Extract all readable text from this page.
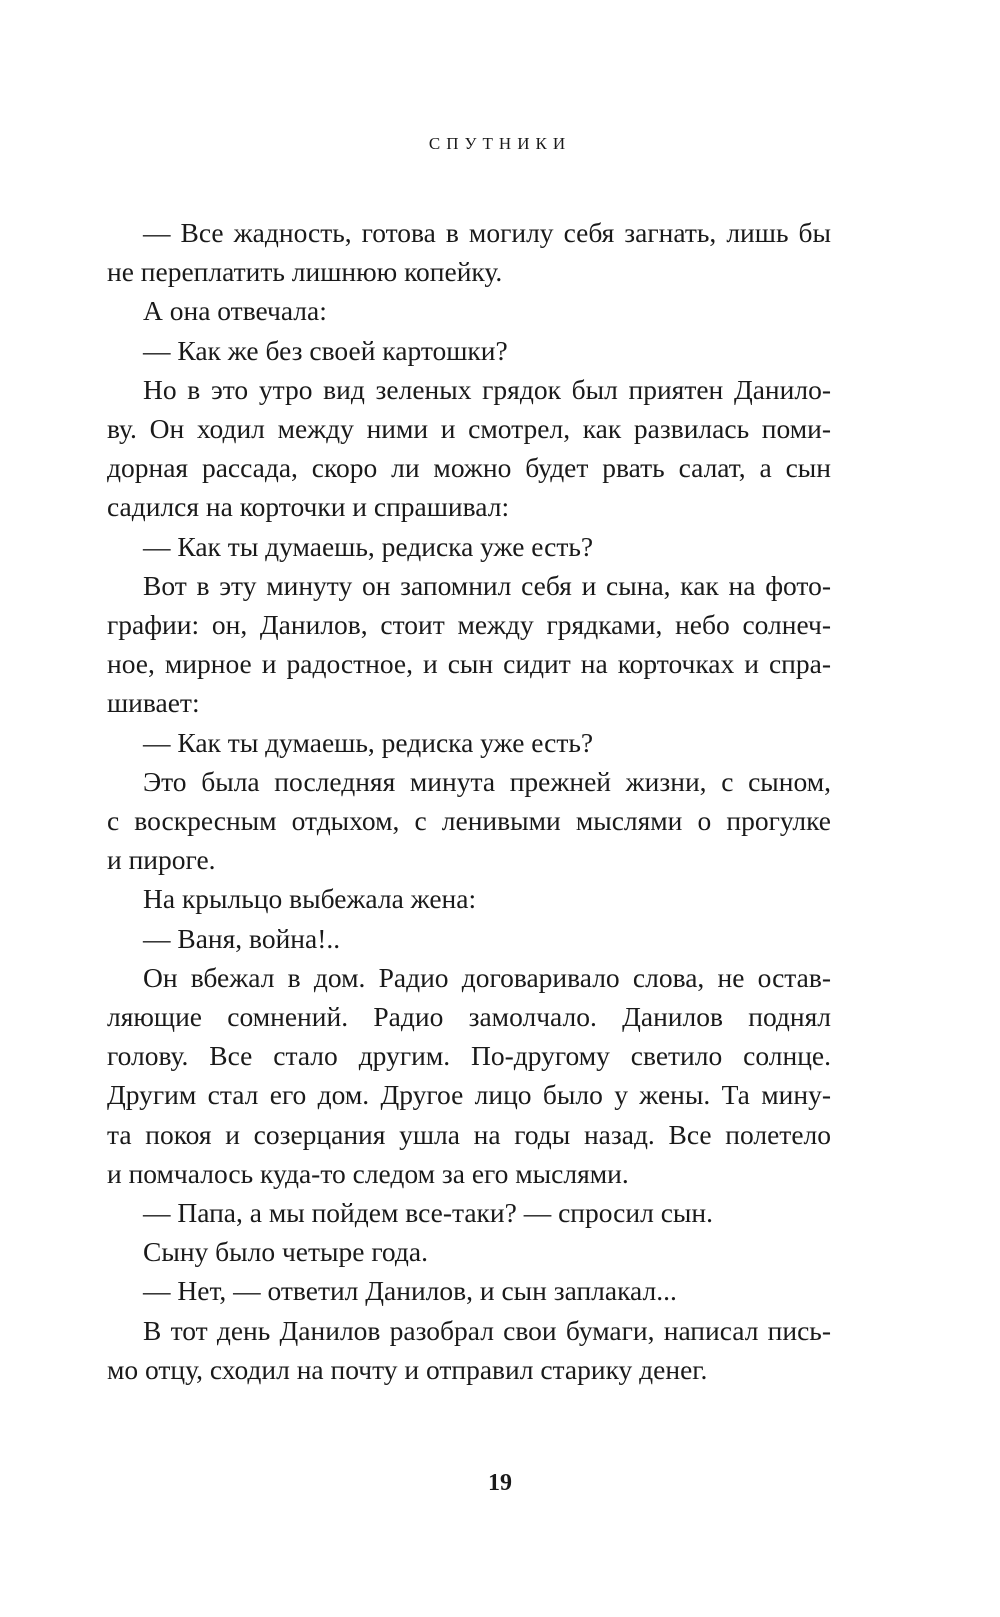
СПУТНИКИ
— Все жадность, готова в могилу себя загнать, лишь бы
не переплатить лишнюю копейку.
А она отвечала:
— Как же без своей картошки?
Но в это утро вид зеленых грядок был приятен Данило-
ву. Он ходил между ними и смотрел, как развилась поми-
дорная рассада, скоро ли можно будет рвать салат, а сын
садился на корточки и спрашивал:
— Как ты думаешь, редиска уже есть?
Вот в эту минуту он запомнил себя и сына, как на фото-
графии: он, Данилов, стоит между грядками, небо солнеч-
ное, мирное и радостное, и сын сидит на корточках и спра-
шивает:
— Как ты думаешь, редиска уже есть?
Это была последняя минута прежней жизни, с сыном,
с воскресным отдыхом, с ленивыми мыслями о прогулке
и пироге.
На крыльцо выбежала жена:
— Ваня, война!..
Он вбежал в дом. Радио договаривало слова, не остав-
ляющие сомнений. Радио замолчало. Данилов поднял
голову. Все стало другим. По-другому светило солнце.
Другим стал его дом. Другое лицо было у жены. Та мину-
та покоя и созерцания ушла на годы назад. Все полетело
и помчалось куда-то следом за его мыслями.
— Папа, а мы пойдем все-таки? — спросил сын.
Сыну было четыре года.
— Нет, — ответил Данилов, и сын заплакал...
В тот день Данилов разобрал свои бумаги, написал пись-
мо отцу, сходил на почту и отправил старику денег.
19
